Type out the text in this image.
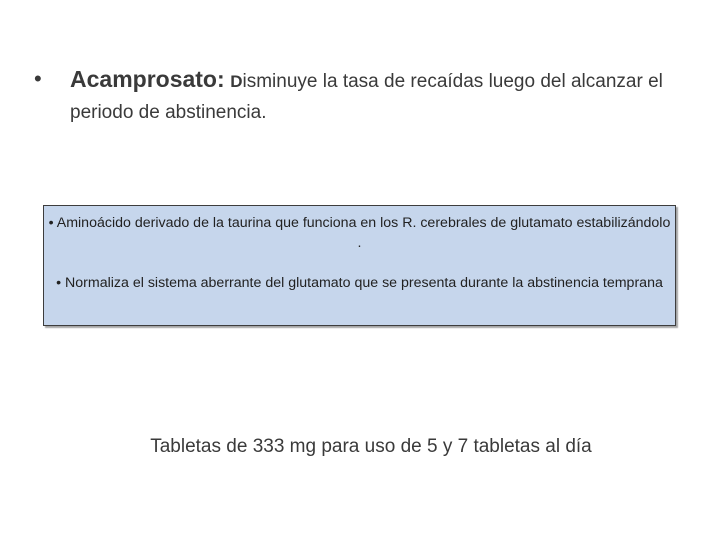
• Acamprosato: Disminuye la tasa de recaídas luego del alcanzar el periodo de abstinencia.

• Aminoácido derivado de la taurina que funciona en los R. cerebrales de glutamato estabilizándolo .

• Normaliza el sistema aberrante del glutamato que se presenta durante la abstinencia temprana

Tabletas de 333 mg para uso de 5 y 7 tabletas al día
